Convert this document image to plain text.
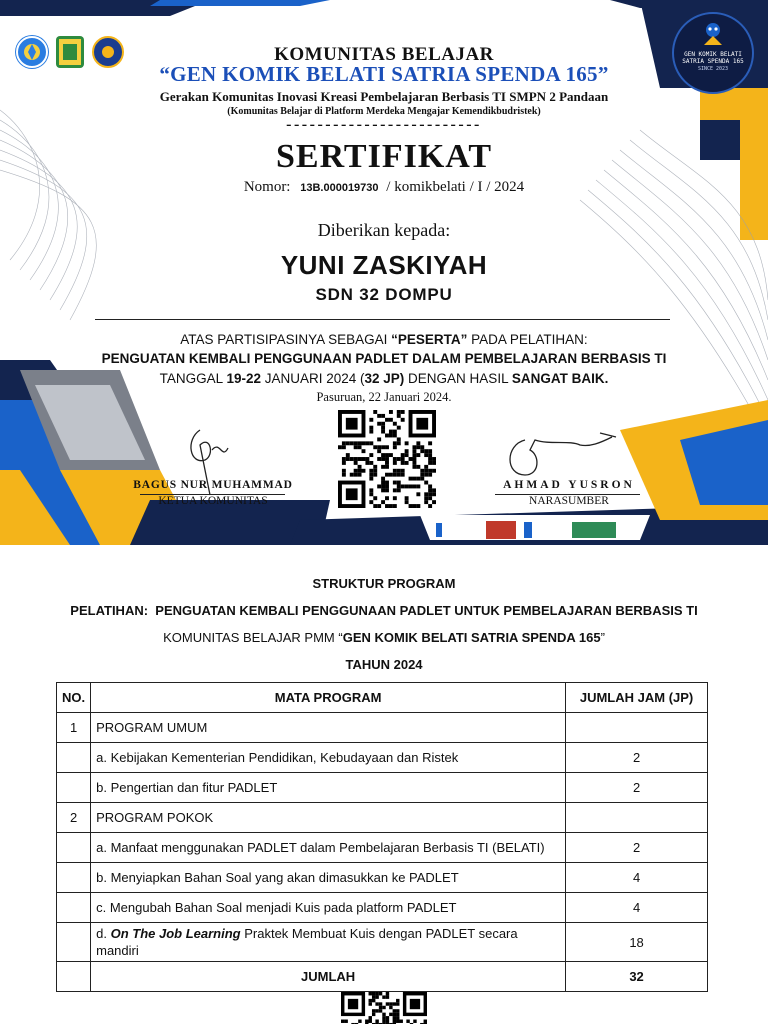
GEN KOMIK BELATI
SATRIA SPENDA 165
SINCE 2023
KOMUNITAS BELAJAR
“GEN KOMIK BELATI SATRIA SPENDA 165”
Gerakan Komunitas Inovasi Kreasi Pembelajaran Berbasis TI SMPN 2 Pandaan
(Komunitas Belajar di Platform Merdeka Mengajar Kemendikbudristek)
-------------------------
SERTIFIKAT
Nomor: 13B.000019730 / komikbelati / I / 2024
Diberikan kepada:
YUNI ZASKIYAH
SDN 32 DOMPU
ATAS PARTISIPASINYA SEBAGAI “PESERTA” PADA PELATIHAN:
PENGUATAN KEMBALI PENGGUNAAN PADLET DALAM PEMBELAJARAN BERBASIS TI
TANGGAL 19-22 JANUARI 2024 (32 JP) DENGAN HASIL SANGAT BAIK.
Pasuruan, 22 Januari 2024.
BAGUS NUR MUHAMMAD
KETUA KOMUNITAS
AHMAD YUSRON
NARASUMBER
STRUKTUR PROGRAM
PELATIHAN: PENGUATAN KEMBALI PENGGUNAAN PADLET UNTUK PEMBELAJARAN BERBASIS TI
KOMUNITAS BELAJAR PMM “GEN KOMIK BELATI SATRIA SPENDA 165”
TAHUN 2024
NO.	MATA PROGRAM	JUMLAH JAM (JP)
1	PROGRAM UMUM	
	a. Kebijakan Kementerian Pendidikan, Kebudayaan dan Ristek	2
	b. Pengertian dan fitur PADLET	2
2	PROGRAM POKOK	
	a. Manfaat menggunakan PADLET dalam Pembelajaran Berbasis TI (BELATI)	2
	b. Menyiapkan Bahan Soal yang akan dimasukkan ke PADLET	4
	c. Mengubah Bahan Soal menjadi Kuis pada platform PADLET	4
	d. On The Job Learning Praktek Membuat Kuis dengan PADLET secara mandiri	18
	JUMLAH	32
